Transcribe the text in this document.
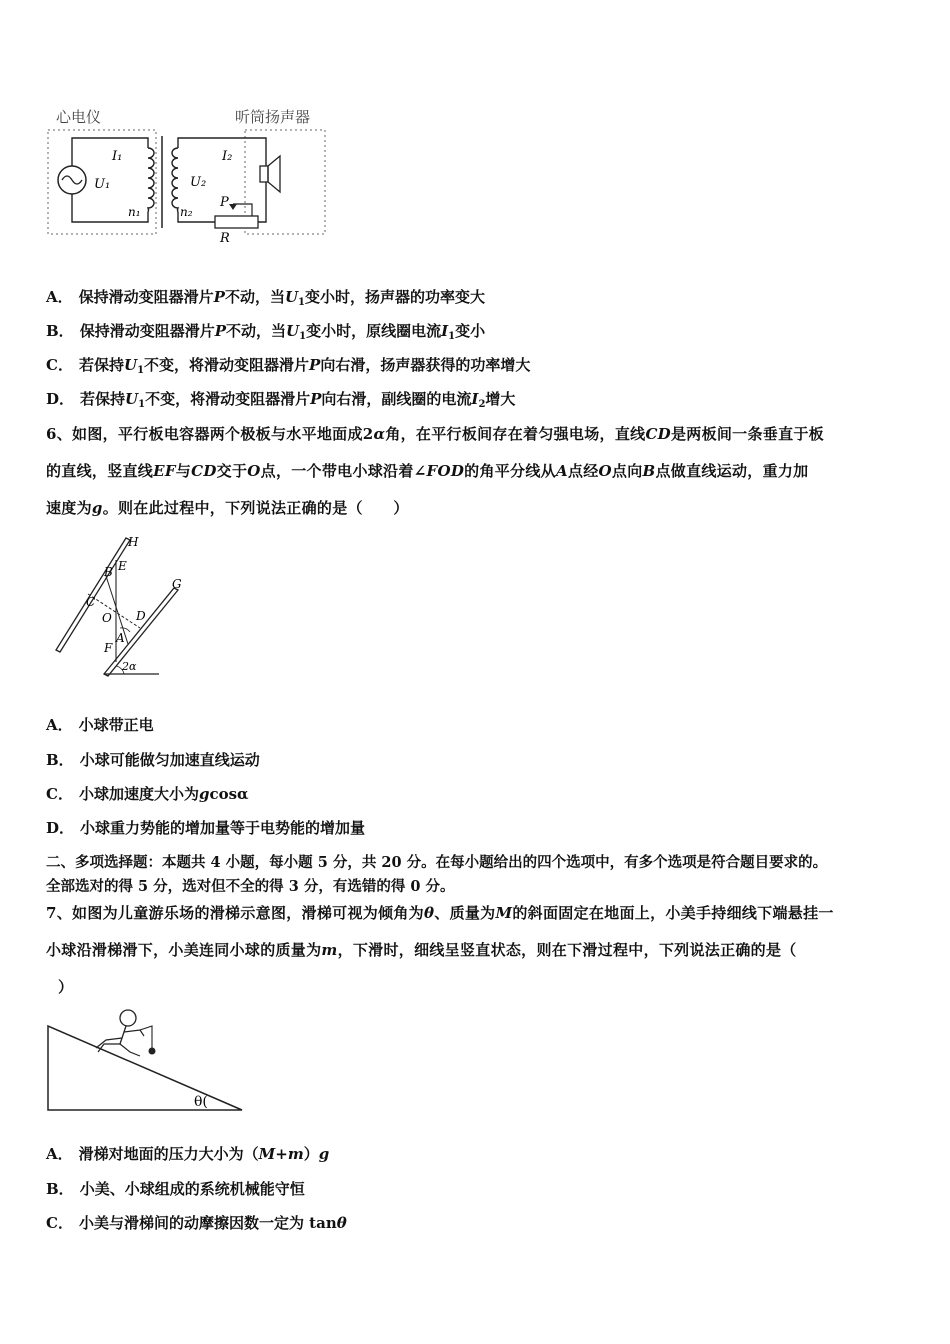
心电仪	听筒扬声器
I₁
U₁
n₁	n₂
U₂
I₂
P
R
A． 保持滑动变阻器滑片P不动，当$U_1$变小时，扬声器的功率变大
B． 保持滑动变阻器滑片P不动，当$U_1$变小时，原线圈电流$I_1$变小
C． 若保持$U_1$不变，将滑动变阻器滑片P向右滑，扬声器获得的功率增大
D． 若保持$U_1$不变，将滑动变阻器滑片P向右滑，副线圈的电流$I_2$增大
6、如图，平行板电容器两个极板与水平地面成2α角，在平行板间存在着匀强电场，直线CD是两板间一条垂直于板
的直线，竖直线EF与CD交于O点，一个带电小球沿着∠FOD的角平分线从A点经O点向B点做直线运动，重力加
速度为g。则在此过程中，下列说法正确的是（　　）
H
E
B
C
O D
A
F
G
2α
A． 小球带正电
B． 小球可能做匀加速直线运动
C． 小球加速度大小为gcosα
D． 小球重力势能的增加量等于电势能的增加量
二、多项选择题：本题共 4 小题，每小题 5 分，共 20 分。在每小题给出的四个选项中，有多个选项是符合题目要求的。
全部选对的得 5 分，选对但不全的得 3 分，有选错的得 0 分。
7、如图为儿童游乐场的滑梯示意图，滑梯可视为倾角为θ、质量为M的斜面固定在地面上，小美手持细线下端悬挂一
小球沿滑梯滑下，小美连同小球的质量为m，下滑时，细线呈竖直状态，则在下滑过程中，下列说法正确的是（
）
θ(
A． 滑梯对地面的压力大小为（M+m）g
B． 小美、小球组成的系统机械能守恒
C． 小美与滑梯间的动摩擦因数一定为 tanθ
